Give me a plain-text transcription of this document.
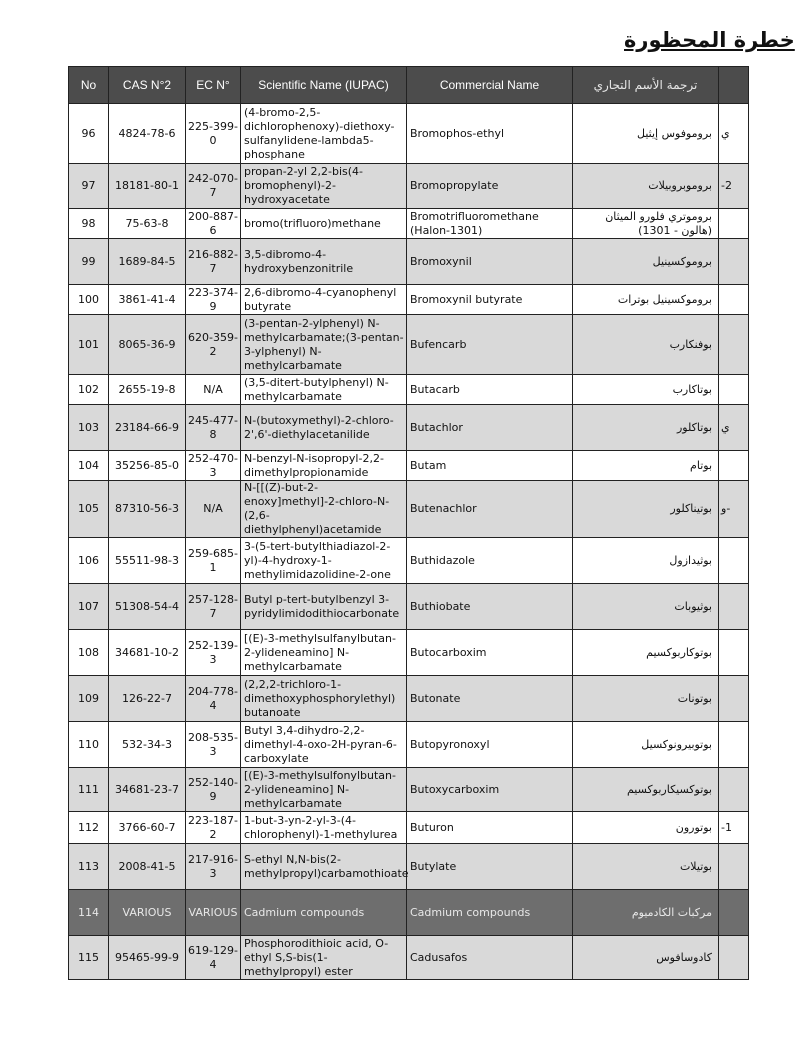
خطرة المحظورة
No	CAS N°2	EC N°	Scientific Name (IUPAC)	Commercial Name	ترجمة الأسم التجاري	
96	4824-78-6	225-399-0	(4-bromo-2,5-dichlorophenoxy)-diethoxy-sulfanylidene-lambda5-phosphane	Bromophos-ethyl	بروموفوس إيثيل	ي
97	18181-80-1	242-070-7	propan-2-yl 2,2-bis(4-bromophenyl)-2-hydroxyacetate	Bromopropylate	بروموبروبيلات	-2
98	75-63-8	200-887-6	bromo(trifluoro)methane	Bromotrifluoromethane (Halon-1301)	بروموتري فلورو الميثان (هالون - 1301)	
99	1689-84-5	216-882-7	3,5-dibromo-4-hydroxybenzonitrile	Bromoxynil	بروموكسينيل	
100	3861-41-4	223-374-9	2,6-dibromo-4-cyanophenyl butyrate	Bromoxynil butyrate	بروموكسينيل بوترات	
101	8065-36-9	620-359-2	(3-pentan-2-ylphenyl) N-methylcarbamate;(3-pentan-3-ylphenyl) N-methylcarbamate	Bufencarb	بوفنكارب	
102	2655-19-8	N/A	(3,5-ditert-butylphenyl) N-methylcarbamate	Butacarb	بوتاكارب	
103	23184-66-9	245-477-8	N-(butoxymethyl)-2-chloro-2',6'-diethylacetanilide	Butachlor	بوتاكلور	ي
104	35256-85-0	252-470-3	N-benzyl-N-isopropyl-2,2-dimethylpropionamide	Butam	بوتام	
105	87310-56-3	N/A	N-[[(Z)-but-2-enoxy]methyl]-2-chloro-N-(2,6-diethylphenyl)acetamide	Butenachlor	بوتيناكلور	و-
106	55511-98-3	259-685-1	3-(5-tert-butylthiadiazol-2-yl)-4-hydroxy-1-methylimidazolidine-2-one	Buthidazole	بوثيدازول	
107	51308-54-4	257-128-7	Butyl p-tert-butylbenzyl 3-pyridylimidodithiocarbonate	Buthiobate	بوثيوبات	
108	34681-10-2	252-139-3	[(E)-3-methylsulfanylbutan-2-ylideneamino] N-methylcarbamate	Butocarboxim	بوتوكاربوكسيم	
109	126-22-7	204-778-4	(2,2,2-trichloro-1-dimethoxyphosphorylethyl) butanoate	Butonate	بوتونات	
110	532-34-3	208-535-3	Butyl 3,4-dihydro-2,2-dimethyl-4-oxo-2H-pyran-6-carboxylate	Butopyronoxyl	بوتوبيرونوكسيل	
111	34681-23-7	252-140-9	[(E)-3-methylsulfonylbutan-2-ylideneamino] N-methylcarbamate	Butoxycarboxim	بوتوكسيكاربوكسيم	
112	3766-60-7	223-187-2	1-but-3-yn-2-yl-3-(4-chlorophenyl)-1-methylurea	Buturon	بوتورون	-1
113	2008-41-5	217-916-3	S-ethyl N,N-bis(2-methylpropyl)carbamothioate	Butylate	بوتيلات	
114	VARIOUS	VARIOUS	Cadmium compounds	Cadmium compounds	مركبات الكادميوم	
115	95465-99-9	619-129-4	Phosphorodithioic acid, O-ethyl S,S-bis(1-methylpropyl) ester	Cadusafos	كادوسافوس	
